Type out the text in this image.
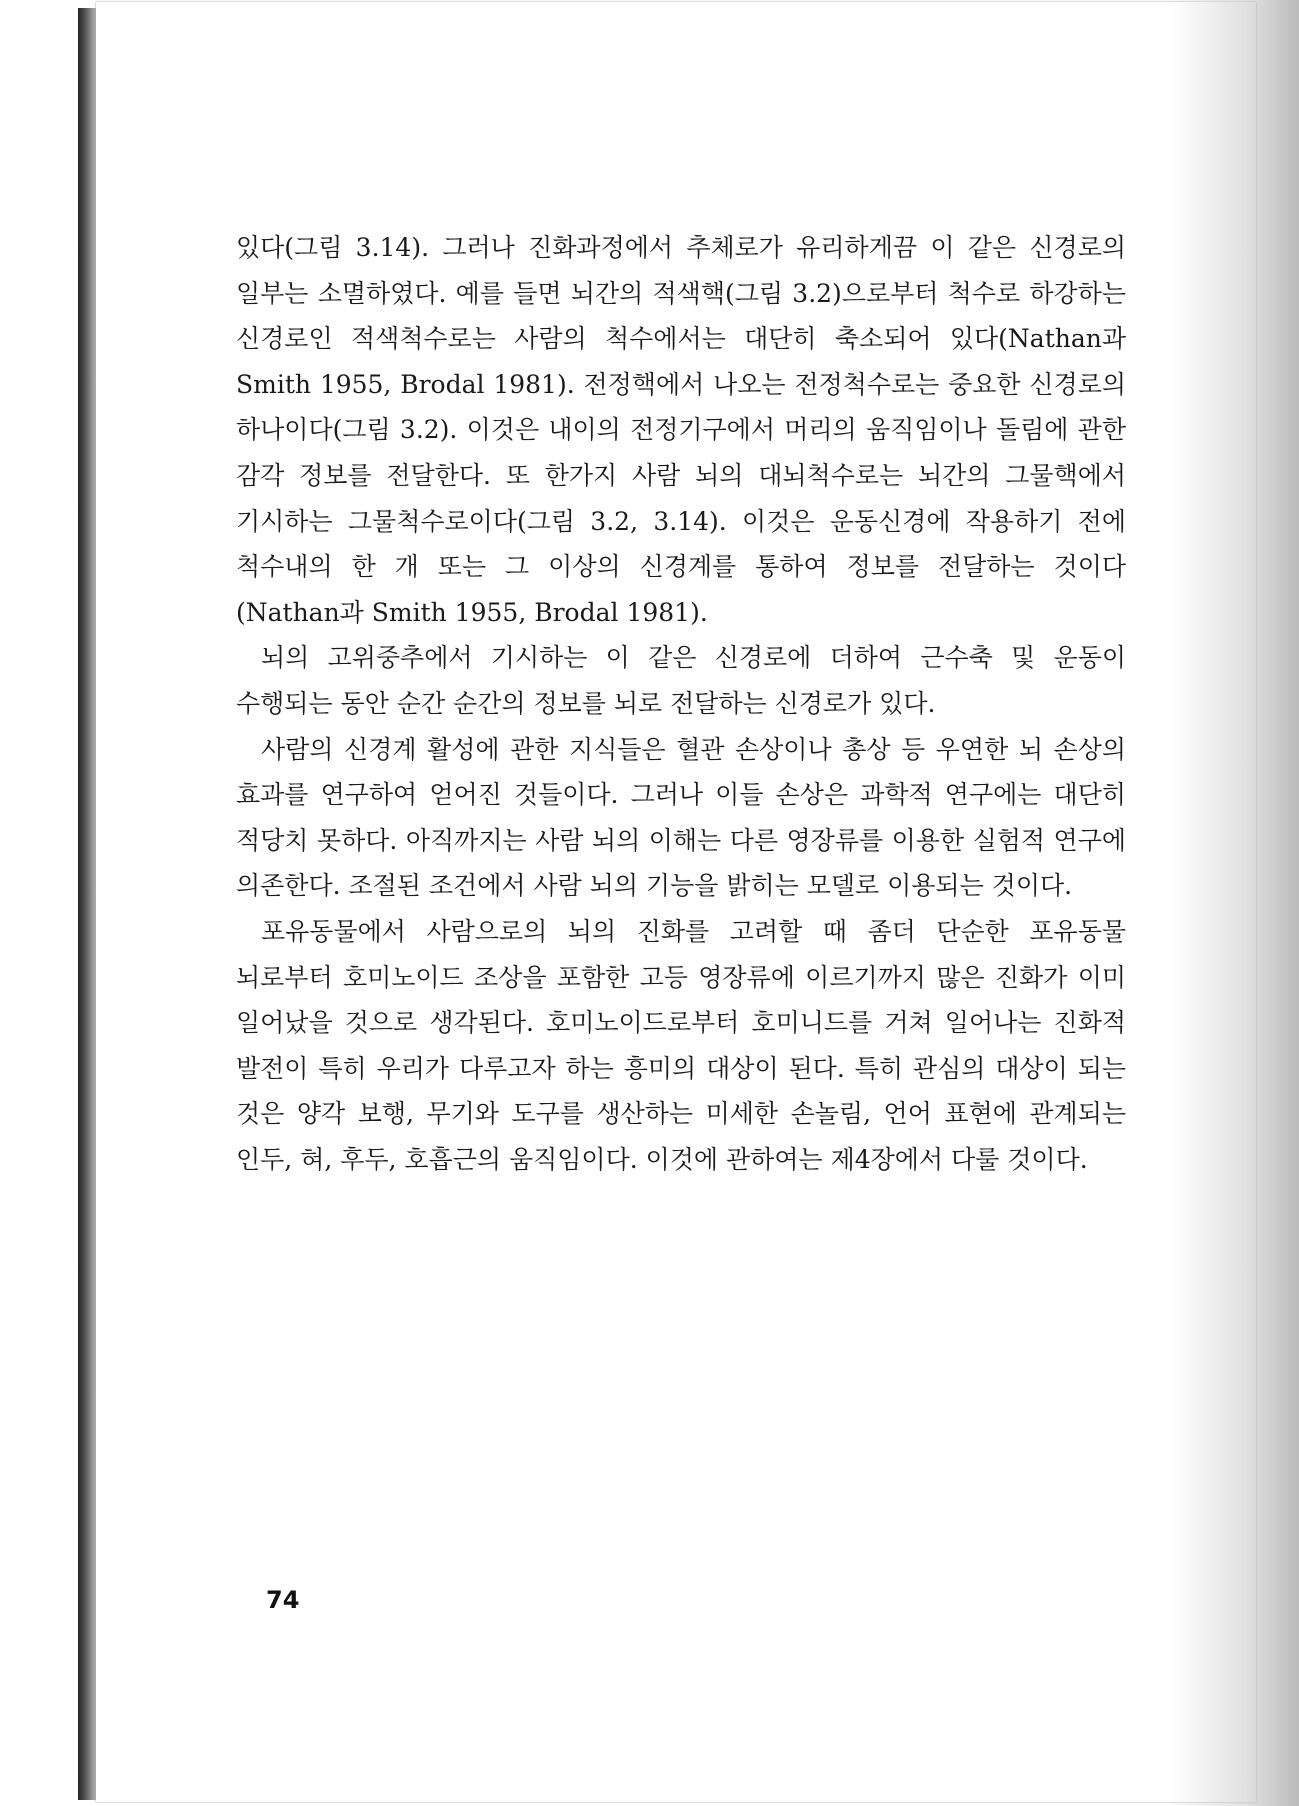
있다(그림 3.14). 그러나 진화과정에서 추체로가 유리하게끔 이 같은 신경로의 일부는 소멸하였다. 예를 들면 뇌간의 적색핵(그림 3.2)으로부터 척수로 하강하는 신경로인 적색척수로는 사람의 척수에서는 대단히 축소되어 있다(Nathan과 Smith 1955, Brodal 1981). 전정핵에서 나오는 전정척수로는 중요한 신경로의 하나이다(그림 3.2). 이것은 내이의 전정기구에서 머리의 움직임이나 돌림에 관한 감각 정보를 전달한다. 또 한가지 사람 뇌의 대뇌척수로는 뇌간의 그물핵에서 기시하는 그물척수로이다(그림 3.2, 3.14). 이것은 운동신경에 작용하기 전에 척수내의 한 개 또는 그 이상의 신경계를 통하여 정보를 전달하는 것이다(Nathan과 Smith 1955, Brodal 1981).

뇌의 고위중추에서 기시하는 이 같은 신경로에 더하여 근수축 및 운동이 수행되는 동안 순간 순간의 정보를 뇌로 전달하는 신경로가 있다.

사람의 신경계 활성에 관한 지식들은 혈관 손상이나 총상 등 우연한 뇌 손상의 효과를 연구하여 얻어진 것들이다. 그러나 이들 손상은 과학적 연구에는 대단히 적당치 못하다. 아직까지는 사람 뇌의 이해는 다른 영장류를 이용한 실험적 연구에 의존한다. 조절된 조건에서 사람 뇌의 기능을 밝히는 모델로 이용되는 것이다.

포유동물에서 사람으로의 뇌의 진화를 고려할 때 좀더 단순한 포유동물 뇌로부터 호미노이드 조상을 포함한 고등 영장류에 이르기까지 많은 진화가 이미 일어났을 것으로 생각된다. 호미노이드로부터 호미니드를 거쳐 일어나는 진화적 발전이 특히 우리가 다루고자 하는 흥미의 대상이 된다. 특히 관심의 대상이 되는 것은 양각 보행, 무기와 도구를 생산하는 미세한 손놀림, 언어 표현에 관계되는 인두, 혀, 후두, 호흡근의 움직임이다. 이것에 관하여는 제4장에서 다룰 것이다.

74
